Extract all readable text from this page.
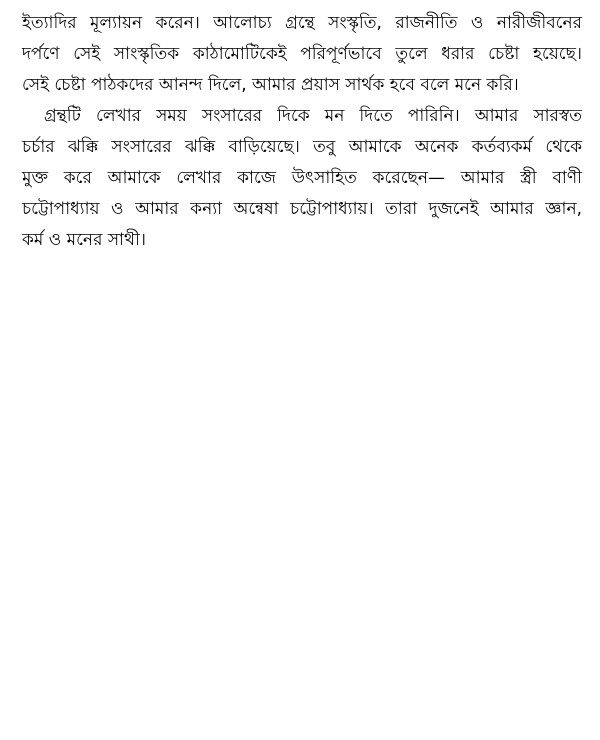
ইত্যাদির মূল্যায়ন করেন। আলোচ্য গ্রন্থে সংস্কৃতি, রাজনীতি ও নারীজীবনের
দর্পণে সেই সাংস্কৃতিক কাঠামোটিকেই পরিপূর্ণভাবে তুলে ধরার চেষ্টা হয়েছে।
সেই চেষ্টা পাঠকদের আনন্দ দিলে, আমার প্রয়াস সার্থক হবে বলে মনে করি।
গ্রন্থটি লেখার সময় সংসারের দিকে মন দিতে পারিনি। আমার সারস্বত
চর্চার ঝক্কি সংসারের ঝক্কি বাড়িয়েছে। তবু আমাকে অনেক কর্তব্যকর্ম থেকে
মুক্ত করে আমাকে লেখার কাজে উৎসাহিত করেছেন— আমার স্ত্রী বাণী
চট্টোপাধ্যায় ও আমার কন্যা অন্বেষা চট্টোপাধ্যায়। তারা দুজনেই আমার জ্ঞান,
কর্ম ও মনের সাথী।
